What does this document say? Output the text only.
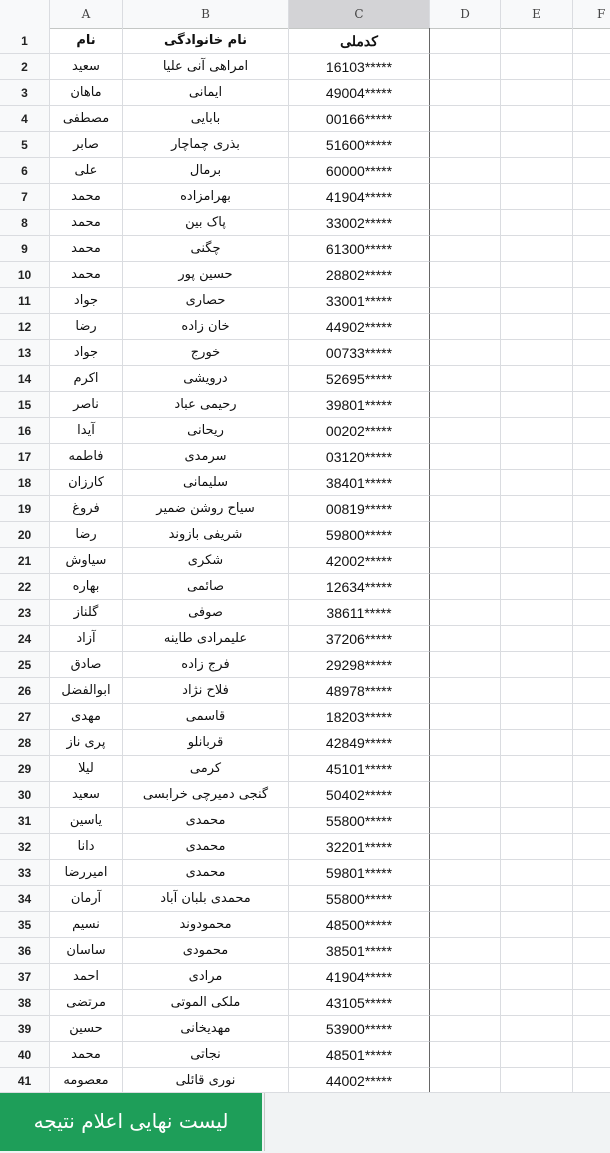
A	B	C	D	E	F
1	نام	نام خانوادگی	کدملی
2	سعید	امراهی آنی علیا	16103*****
3	ماهان	ایمانی	49004*****
4	مصطفی	بابایی	00166*****
5	صابر	بذری چماچار	51600*****
6	علی	برمال	60000*****
7	محمد	بهرامزاده	41904*****
8	محمد	پاک بین	33002*****
9	محمد	چگنی	61300*****
10	محمد	حسین پور	28802*****
11	جواد	حصاری	33001*****
12	رضا	خان زاده	44902*****
13	جواد	خورج	00733*****
14	اکرم	درویشی	52695*****
15	ناصر	رحیمی عباد	39801*****
16	آیدا	ریحانی	00202*****
17	فاطمه	سرمدی	03120*****
18	کارزان	سلیمانی	38401*****
19	فروغ	سیاح روشن ضمیر	00819*****
20	رضا	شریفی بازوند	59800*****
21	سیاوش	شکری	42002*****
22	بهاره	صائمی	12634*****
23	گلناز	صوفی	38611*****
24	آزاد	علیمرادی طاینه	37206*****
25	صادق	فرج زاده	29298*****
26	ابوالفضل	فلاح نژاد	48978*****
27	مهدی	قاسمی	18203*****
28	پری ناز	قربانلو	42849*****
29	لیلا	کرمی	45101*****
30	سعید	گنجی دمیرچی خرابسی	50402*****
31	یاسین	محمدی	55800*****
32	دانا	محمدی	32201*****
33	امیررضا	محمدی	59801*****
34	آرمان	محمدی بلبان آباد	55800*****
35	نسیم	محمودوند	48500*****
36	ساسان	محمودی	38501*****
37	احمد	مرادی	41904*****
38	مرتضی	ملکی الموتی	43105*****
39	حسین	مهدیخانی	53900*****
40	محمد	نجاتی	48501*****
41	معصومه	نوری قائلی	44002*****
لیست نهایی اعلام نتیجه
